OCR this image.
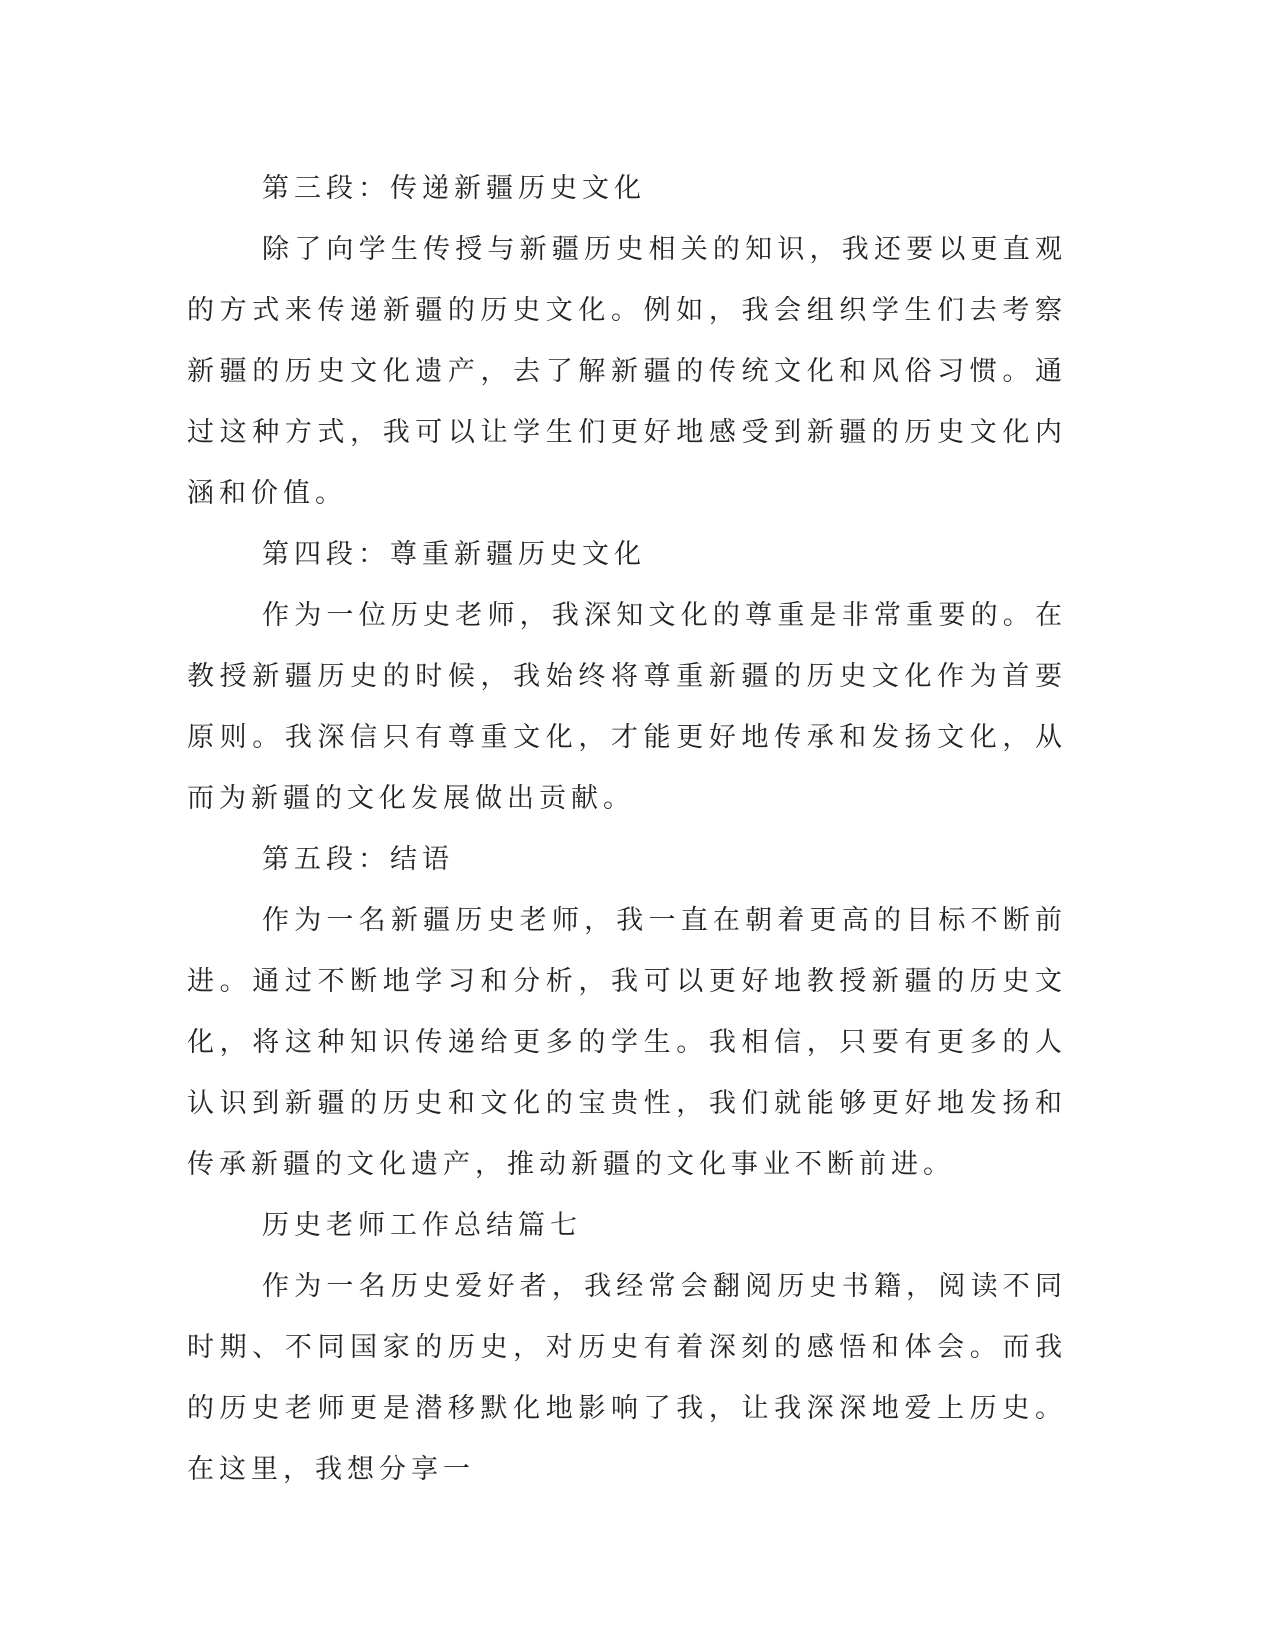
第三段：传递新疆历史文化

除了向学生传授与新疆历史相关的知识，我还要以更直观的方式来传递新疆的历史文化。例如，我会组织学生们去考察新疆的历史文化遗产，去了解新疆的传统文化和风俗习惯。通过这种方式，我可以让学生们更好地感受到新疆的历史文化内涵和价值。

第四段：尊重新疆历史文化

作为一位历史老师，我深知文化的尊重是非常重要的。在教授新疆历史的时候，我始终将尊重新疆的历史文化作为首要原则。我深信只有尊重文化，才能更好地传承和发扬文化，从而为新疆的文化发展做出贡献。

第五段：结语

作为一名新疆历史老师，我一直在朝着更高的目标不断前进。通过不断地学习和分析，我可以更好地教授新疆的历史文化，将这种知识传递给更多的学生。我相信，只要有更多的人认识到新疆的历史和文化的宝贵性，我们就能够更好地发扬和传承新疆的文化遗产，推动新疆的文化事业不断前进。

历史老师工作总结篇七

作为一名历史爱好者，我经常会翻阅历史书籍，阅读不同时期、不同国家的历史，对历史有着深刻的感悟和体会。而我的历史老师更是潜移默化地影响了我，让我深深地爱上历史。在这里，我想分享一
